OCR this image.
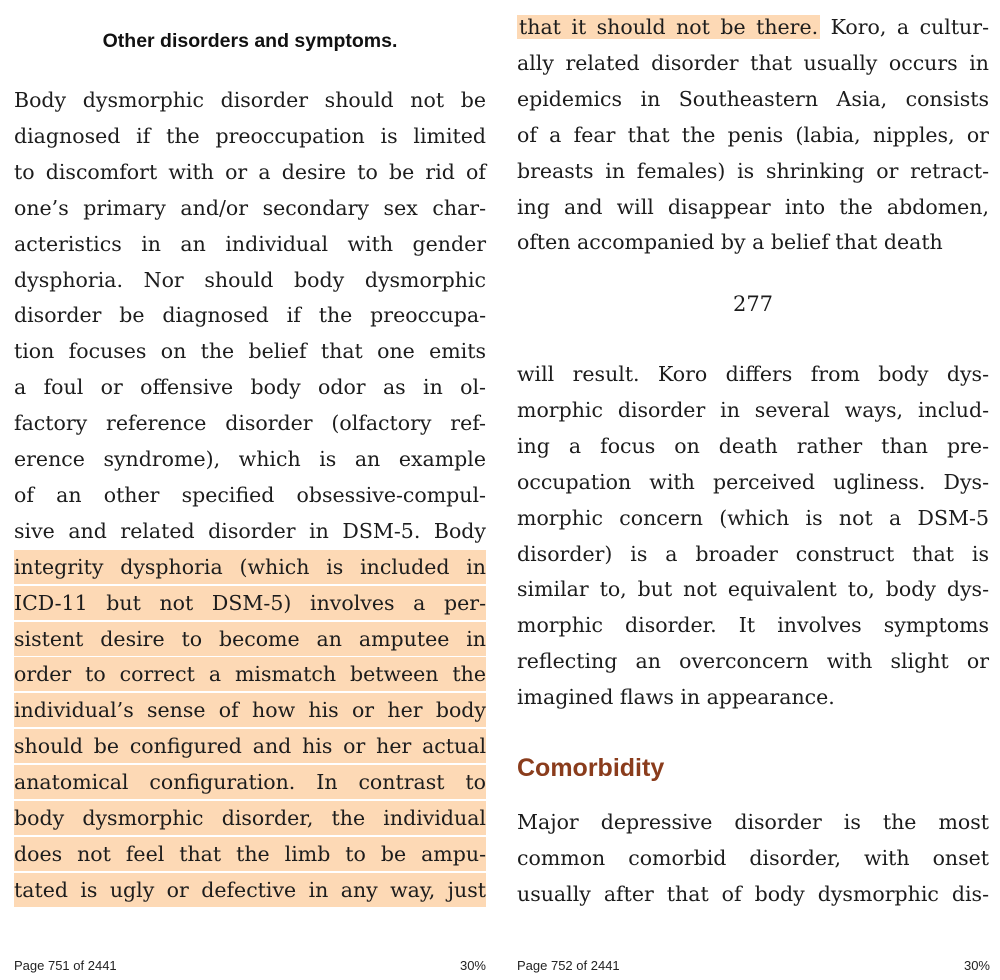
Other disorders and symptoms.
277
Comorbidity
Page 751 of 2441	30% Page 752 of 2441	30%
Body dysmorphic disorder should not be
diagnosed if the preoccupation is limited
to discomfort with or a desire to be rid of
one’s primary and/or secondary sex char-
acteristics in an individual with gender
dysphoria. Nor should body dysmorphic
disorder be diagnosed if the preoccupa-
tion focuses on the belief that one emits
a foul or offensive body odor as in ol-
factory reference disorder (olfactory ref-
erence syndrome), which is an example
of an other specified obsessive-compul-
sive and related disorder in DSM-5. Body
integrity dysphoria (which is included in
ICD-11 but not DSM-5) involves a per-
sistent desire to become an amputee in
order to correct a mismatch between the
individual’s sense of how his or her body
should be configured and his or her actual
anatomical configuration. In contrast to
body dysmorphic disorder, the individual
does not feel that the limb to be ampu-
tated is ugly or defective in any way, just
that it should not be there. Koro, a cultur-
ally related disorder that usually occurs in
epidemics in Southeastern Asia, consists
of a fear that the penis (labia, nipples, or
breasts in females) is shrinking or retract-
ing and will disappear into the abdomen,
often accompanied by a belief that death
will result. Koro differs from body dys-
morphic disorder in several ways, includ-
ing a focus on death rather than pre-
occupation with perceived ugliness. Dys-
morphic concern (which is not a DSM-5
disorder) is a broader construct that is
similar to, but not equivalent to, body dys-
morphic disorder. It involves symptoms
reflecting an overconcern with slight or
imagined flaws in appearance.
Major depressive disorder is the most
common comorbid disorder, with onset
usually after that of body dysmorphic dis-
